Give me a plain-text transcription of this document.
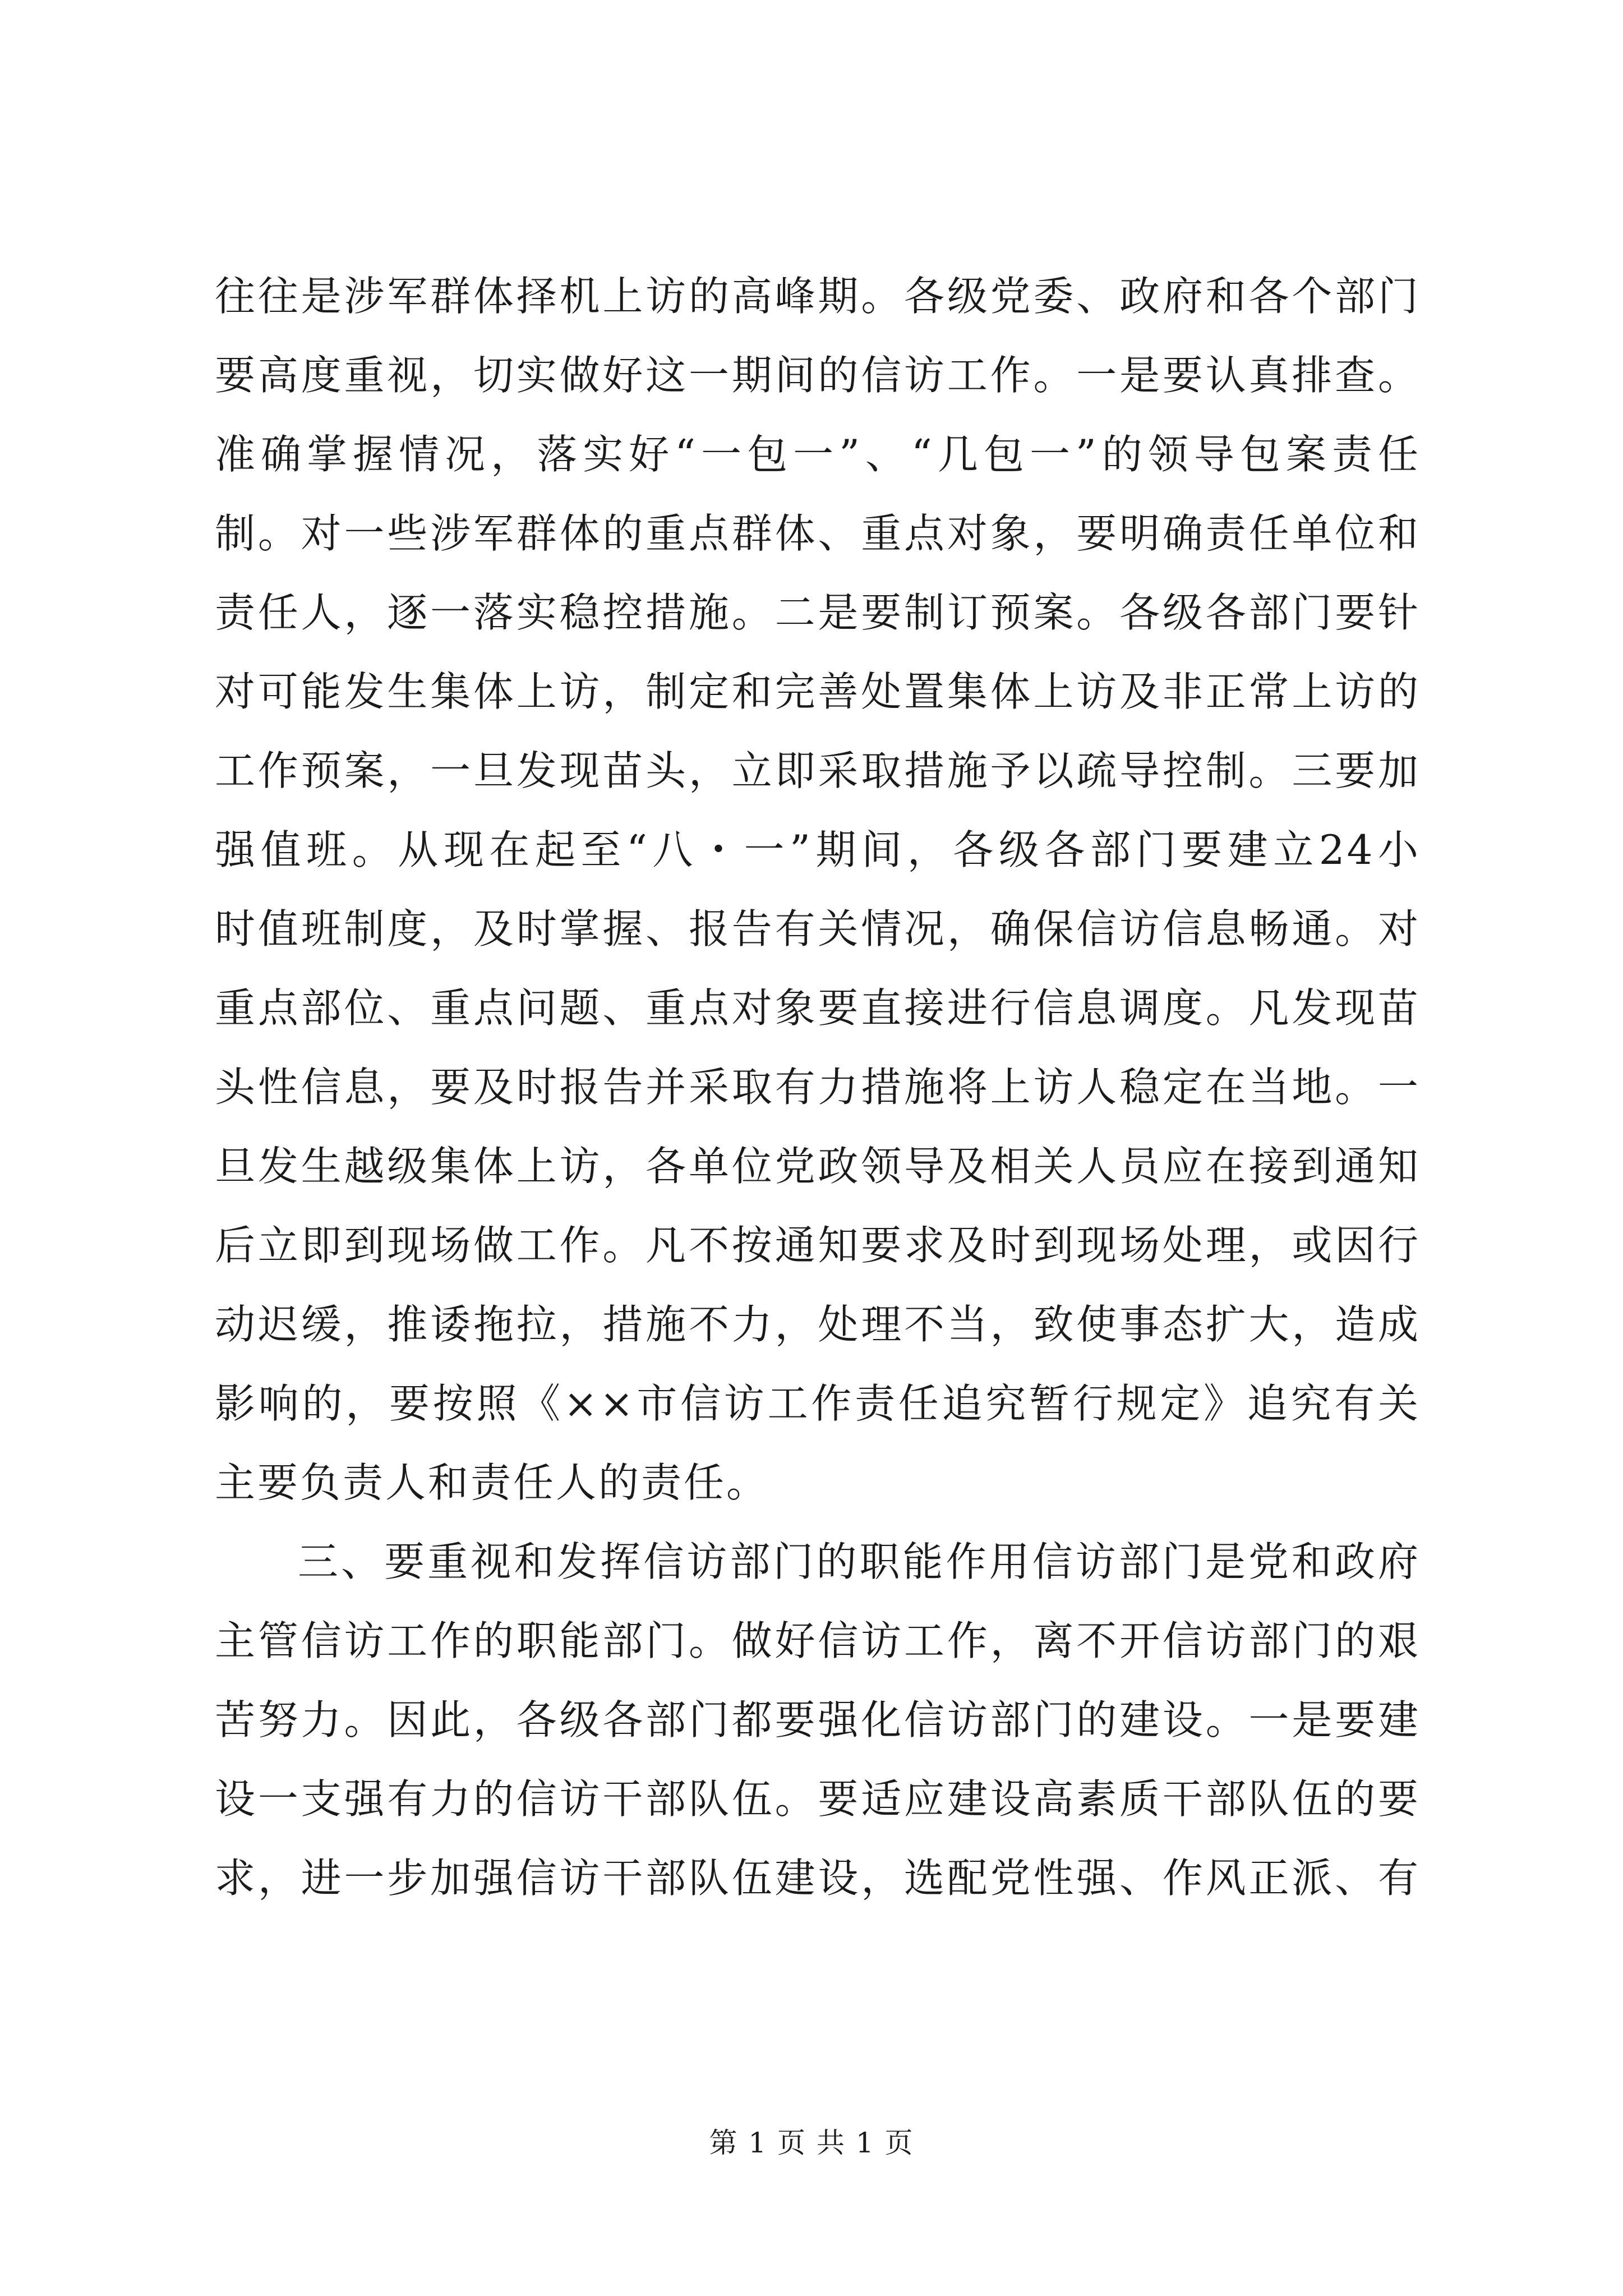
往往是涉军群体择机上访的高峰期。各级党委、政府和各个部门
要高度重视，切实做好这一期间的信访工作。一是要认真排查。
准确掌握情况，落实好“一包一”、“几包一”的领导包案责任
制。对一些涉军群体的重点群体、重点对象，要明确责任单位和
责任人，逐一落实稳控措施。二是要制订预案。各级各部门要针
对可能发生集体上访，制定和完善处置集体上访及非正常上访的
工作预案，一旦发现苗头，立即采取措施予以疏导控制。三要加
强值班。从现在起至“八・一”期间，各级各部门要建立24小
时值班制度，及时掌握、报告有关情况，确保信访信息畅通。对
重点部位、重点问题、重点对象要直接进行信息调度。凡发现苗
头性信息，要及时报告并采取有力措施将上访人稳定在当地。一
旦发生越级集体上访，各单位党政领导及相关人员应在接到通知
后立即到现场做工作。凡不按通知要求及时到现场处理，或因行
动迟缓，推诿拖拉，措施不力，处理不当，致使事态扩大，造成
影响的，要按照《××市信访工作责任追究暂行规定》追究有关
主要负责人和责任人的责任。
三、要重视和发挥信访部门的职能作用信访部门是党和政府
主管信访工作的职能部门。做好信访工作，离不开信访部门的艰
苦努力。因此，各级各部门都要强化信访部门的建设。一是要建
设一支强有力的信访干部队伍。要适应建设高素质干部队伍的要
求，进一步加强信访干部队伍建设，选配党性强、作风正派、有
第 1 页 共 1 页
